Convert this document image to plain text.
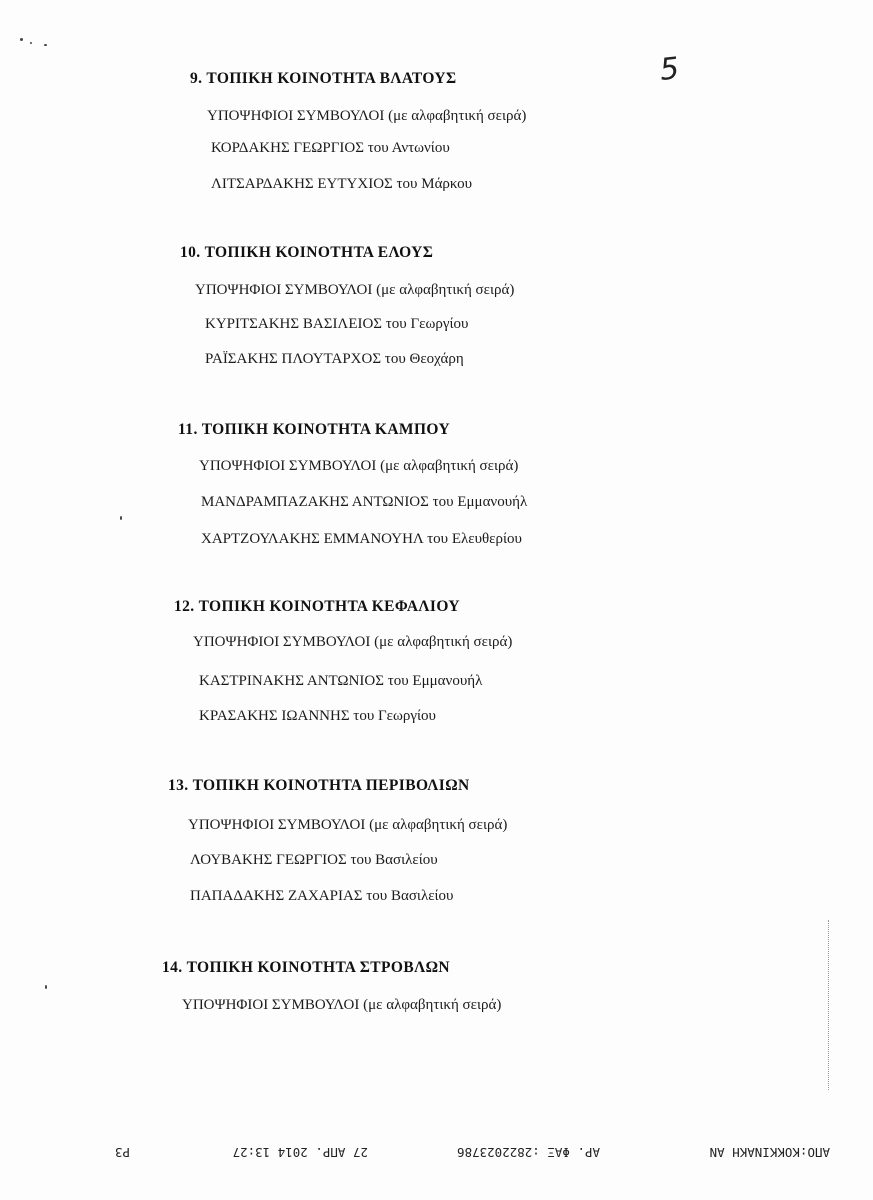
5
9. ΤΟΠΙΚΗ ΚΟΙΝΟΤΗΤΑ ΒΛΑΤΟΥΣ
ΥΠΟΨΗΦΙΟΙ ΣΥΜΒΟΥΛΟΙ (με αλφαβητική σειρά)
ΚΟΡΔΑΚΗΣ ΓΕΩΡΓΙΟΣ του Αντωνίου
ΛΙΤΣΑΡΔΑΚΗΣ ΕΥΤΥΧΙΟΣ του Μάρκου
10. ΤΟΠΙΚΗ ΚΟΙΝΟΤΗΤΑ ΕΛΟΥΣ
ΥΠΟΨΗΦΙΟΙ ΣΥΜΒΟΥΛΟΙ (με αλφαβητική σειρά)
ΚΥΡΙΤΣΑΚΗΣ ΒΑΣΙΛΕΙΟΣ του Γεωργίου
ΡΑΪΣΑΚΗΣ ΠΛΟΥΤΑΡΧΟΣ του Θεοχάρη
11. ΤΟΠΙΚΗ ΚΟΙΝΟΤΗΤΑ ΚΑΜΠΟΥ
ΥΠΟΨΗΦΙΟΙ ΣΥΜΒΟΥΛΟΙ (με αλφαβητική σειρά)
ΜΑΝΔΡΑΜΠΑΖΑΚΗΣ ΑΝΤΩΝΙΟΣ του Εμμανουήλ
ΧΑΡΤΖΟΥΛΑΚΗΣ ΕΜΜΑΝΟΥΗΛ του Ελευθερίου
12. ΤΟΠΙΚΗ ΚΟΙΝΟΤΗΤΑ ΚΕΦΑΛΙΟΥ
ΥΠΟΨΗΦΙΟΙ ΣΥΜΒΟΥΛΟΙ (με αλφαβητική σειρά)
ΚΑΣΤΡΙΝΑΚΗΣ ΑΝΤΩΝΙΟΣ του Εμμανουήλ
ΚΡΑΣΑΚΗΣ ΙΩΑΝΝΗΣ του Γεωργίου
13. ΤΟΠΙΚΗ ΚΟΙΝΟΤΗΤΑ ΠΕΡΙΒΟΛΙΩΝ
ΥΠΟΨΗΦΙΟΙ ΣΥΜΒΟΥΛΟΙ (με αλφαβητική σειρά)
ΛΟΥΒΑΚΗΣ ΓΕΩΡΓΙΟΣ του Βασιλείου
ΠΑΠΑΔΑΚΗΣ ΖΑΧΑΡΙΑΣ του Βασιλείου
14. ΤΟΠΙΚΗ ΚΟΙΝΟΤΗΤΑ ΣΤΡΟΒΛΩΝ
ΥΠΟΨΗΦΙΟΙ ΣΥΜΒΟΥΛΟΙ (με αλφαβητική σειρά)
ΑΠΟ:ΚΟΚΚΙΝΑΚΗ ΑΝ
ΑΡ. ΦΑΞ :2822023786
27 ΑΠΡ. 2014 13:27
Ρ3
